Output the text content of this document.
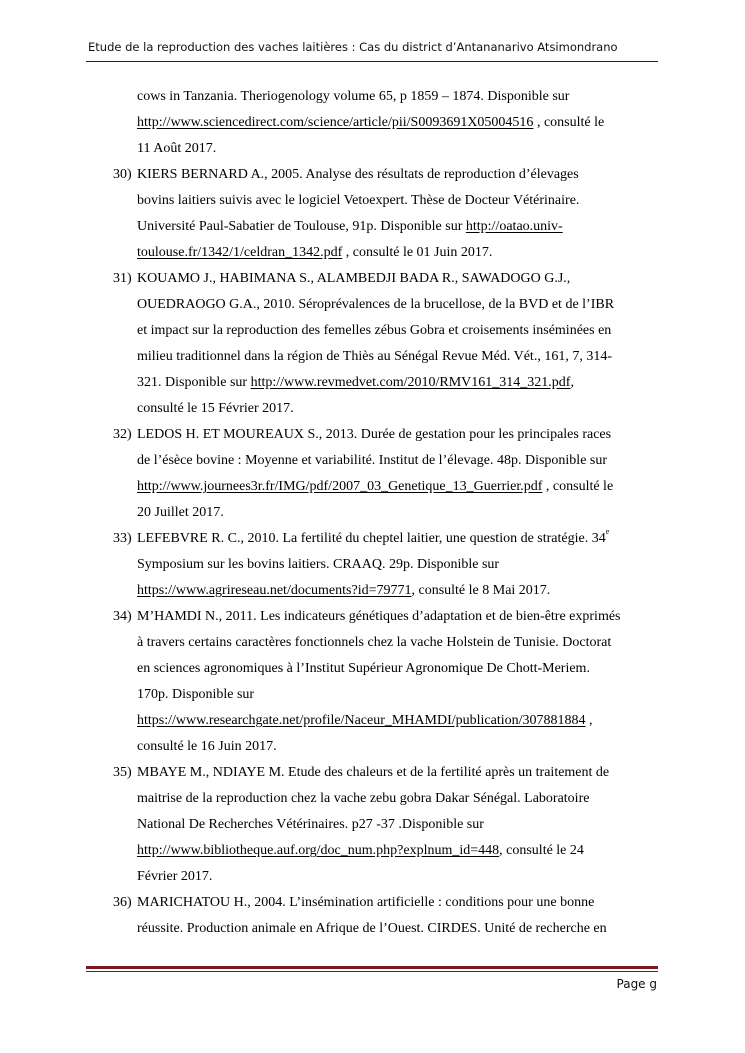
Etude de la reproduction des vaches laitières : Cas du district d’Antananarivo Atsimondrano
cows in Tanzania. Theriogenology volume 65, p 1859 – 1874. Disponible sur
http://www.sciencedirect.com/science/article/pii/S0093691X05004516 , consulté le
11 Août 2017.
30) KIERS BERNARD A., 2005. Analyse des résultats de reproduction d’élevages
bovins laitiers suivis avec le logiciel Vetoexpert. Thèse de Docteur Vétérinaire.
Université Paul-Sabatier de Toulouse, 91p. Disponible sur http://oatao.univ-
toulouse.fr/1342/1/celdran_1342.pdf , consulté le 01 Juin 2017.
31) KOUAMO J., HABIMANA S., ALAMBEDJI BADA R., SAWADOGO G.J.,
OUEDRAOGO G.A., 2010. Séroprévalences de la brucellose, de la BVD et de l’IBR
et impact sur la reproduction des femelles zébus Gobra et croisements inséminées en
milieu traditionnel dans la région de Thiès au Sénégal Revue Méd. Vét., 161, 7, 314-
321. Disponible sur http://www.revmedvet.com/2010/RMV161_314_321.pdf,
consulté le 15 Février 2017.
32) LEDOS H. ET MOUREAUX S., 2013. Durée de gestation pour les principales races
de l’ésèce bovine : Moyenne et variabilité. Institut de l’élevage. 48p. Disponible sur
http://www.journees3r.fr/IMG/pdf/2007_03_Genetique_13_Guerrier.pdf , consulté le
20 Juillet 2017.
33) LEFEBVRE R. C., 2010. La fertilité du cheptel laitier, une question de stratégie. 34e
Symposium sur les bovins laitiers. CRAAQ. 29p. Disponible sur
https://www.agrireseau.net/documents?id=79771, consulté le 8 Mai 2017.
34) M’HAMDI N., 2011. Les indicateurs génétiques d’adaptation et de bien-être exprimés
à travers certains caractères fonctionnels chez la vache Holstein de Tunisie. Doctorat
en sciences agronomiques à l’Institut Supérieur Agronomique De Chott-Meriem.
170p. Disponible sur
https://www.researchgate.net/profile/Naceur_MHAMDI/publication/307881884 ,
consulté le 16 Juin 2017.
35) MBAYE M., NDIAYE M. Etude des chaleurs et de la fertilité après un traitement de
maitrise de la reproduction chez la vache zebu gobra Dakar Sénégal. Laboratoire
National De Recherches Vétérinaires. p27 -37 .Disponible sur
http://www.bibliotheque.auf.org/doc_num.php?explnum_id=448, consulté le 24
Février 2017.
36) MARICHATOU H., 2004. L’insémination artificielle : conditions pour une bonne
réussite. Production animale en Afrique de l’Ouest. CIRDES. Unité de recherche en
Page g
